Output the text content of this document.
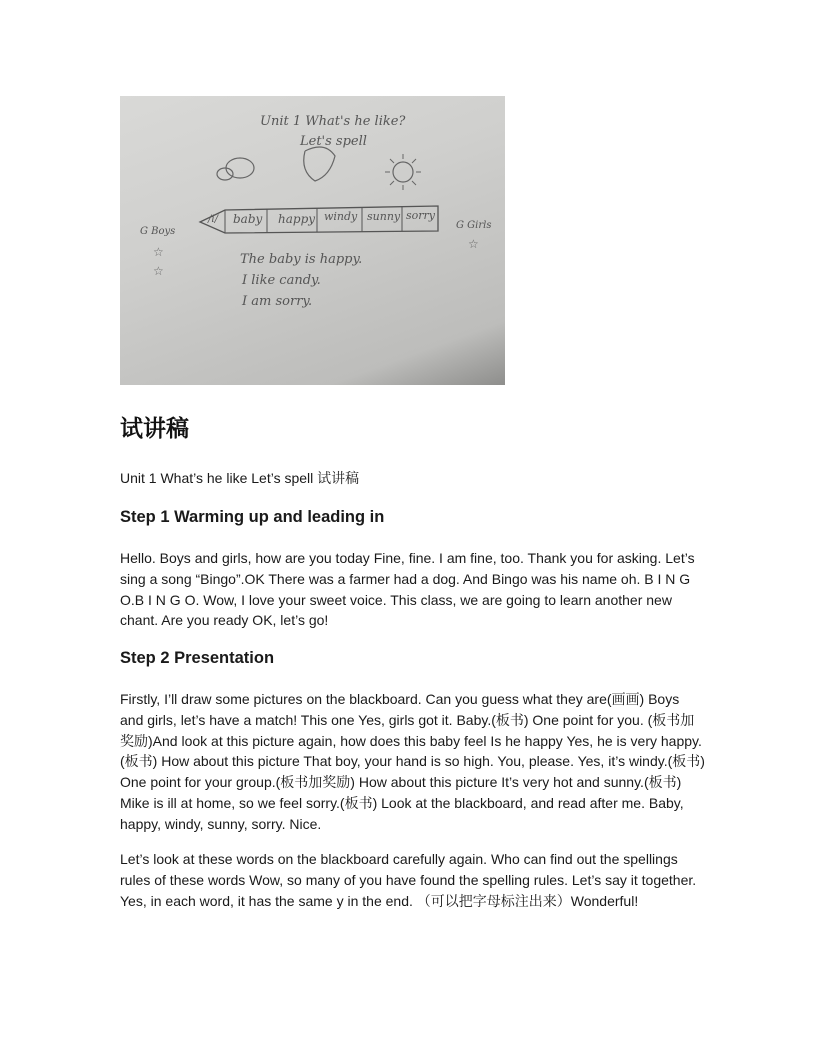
☆
☆
☆
Unit 1 What's he like?
Let's spell
G Boys
G Girls
/i/ baby happy windy sunny sorry
The baby is happy.
I like candy.
I am sorry.
试讲稿
Unit 1 What’s he like Let’s spell 试讲稿
Step 1 Warming up and leading in
Hello. Boys and girls, how are you today Fine, fine. I am fine, too. Thank you for asking. Let’s sing a song “Bingo”.OK There was a farmer had a dog. And Bingo was his name oh. B I N G O.B I N G O. Wow, I love your sweet voice. This class, we are going to learn another new chant. Are you ready OK, let’s go!
Step 2 Presentation
Firstly, I’ll draw some pictures on the blackboard. Can you guess what they are(画画) Boys and girls, let’s have a match! This one Yes, girls got it. Baby.(板书) One point for you. (板书加奖励)And look at this picture again, how does this baby feel Is he happy Yes, he is very happy.(板书) How about this picture That boy, your hand is so high. You, please. Yes, it’s windy.(板书) One point for your group.(板书加奖励) How about this picture It’s very hot and sunny.(板书) Mike is ill at home, so we feel sorry.(板书) Look at the blackboard, and read after me. Baby, happy, windy, sunny, sorry. Nice.
Let’s look at these words on the blackboard carefully again. Who can find out the spellings rules of these words Wow, so many of you have found the spelling rules. Let’s say it together. Yes, in each word, it has the same y in the end. （可以把字母标注出来）Wonderful!
